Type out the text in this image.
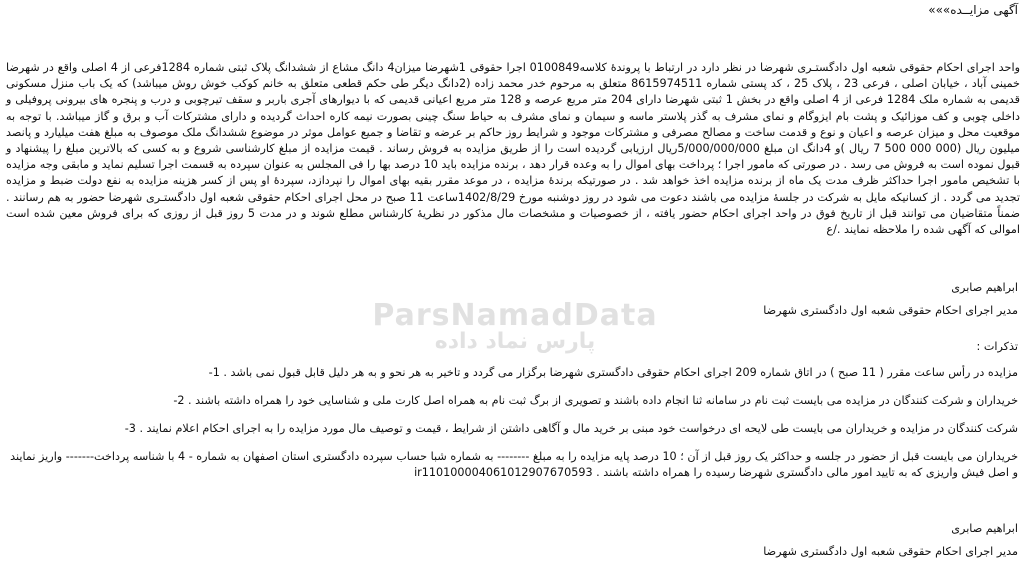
آگهی مزایــده»»»
واحد اجرای احکام حقوقی شعبه اول دادگستـری شهرضا در نظر دارد در ارتباط با پروندۀ کلاسه0100849 اجرا حقوقی 1شهرضا میزان4 دانگ مشاع از ششدانگ پلاک ثبتی شماره 1284فرعی از 4 اصلی واقع در شهرضا خمینی آباد ، خیابان اصلی ، فرعی 23 ، پلاک 25 ، کد پستی شماره 8615974511 متعلق به مرحوم خدر محمد زاده (2دانگ دیگر طی حکم قطعی متعلق به خانم کوکب خوش روش میباشد) که یک باب منزل مسکونی قدیمی به شماره ملک 1284 فرعی از 4 اصلی واقع در بخش 1 ثبتی شهرضا دارای 204 متر مربع عرصه و 128 متر مربع اعیانی قدیمی که با دیوارهای آجری باربر و سقف تیرچوبی و درب و پنجره های بیرونی پروفیلی و داخلی چوبی و کف موزائیک و پشت بام ایزوگام و نمای مشرف به گذر پلاستر ماسه و سیمان و نمای مشرف به حیاط سنگ چینی بصورت نیمه کاره احداث گردیده و دارای مشترکات آب و برق و گاز میباشد. با توجه به موقعیت محل و میزان عرصه و اعیان و نوع و قدمت ساخت و مصالح مصرفی و مشترکات موجود و شرایط روز حاکم بر عرضه و تقاضا و جمیع عوامل موثر در موضوع ششدانگ ملک موصوف به مبلغ هفت میلیارد و پانصد میلیون ریال (000 000 500 7 ریال )و 4دانگ ان مبلغ 5/000/000/000ریال ارزیابی گردیده است را از طریق مزایده به فروش رساند . قیمت مزایده از مبلغ کارشناسی شروع و به کسی که بالاترین مبلغ را پیشنهاد و قبول نموده است به فروش می رسد . در صورتی که مامور اجرا ؛ پرداخت بهای اموال را به وعده قرار دهد ، برنده مزایده باید 10 درصد بها را فی المجلس به عنوان سپرده به قسمت اجرا تسلیم نماید و مابقی وجه مزایده با تشخیص مامور اجرا حداکثر ظرف مدت یک ماه از برنده مزایده اخذ خواهد شد . در صورتیکه برندۀ مزایده ، در موعد مقرر بقیه بهای اموال را نپردازد، سپردۀ او پس از کسر هزینه مزایده به نفع دولت ضبط و مزایده تجدید می گردد . از کسانیکه مایل به شرکت در جلسۀ مزایده می باشند دعوت می شود در روز دوشنبه مورخ 1402/8/29ساعت 11 صبح در محل اجرای احکام حقوقی شعبه اول دادگستـری شهرضا حضور به هم رسانند . ضمناً متقاضیان می توانند قبل از تاریخ فوق در واحد اجرای احکام حضور یافته ، از خصوصیات و مشخصات مال مذکور در نظریۀ کارشناس مطلع شوند و در مدت 5 روز قبل از روزی که برای فروش معین شده است اموالی که آگهی شده را ملاحظه نمایند ./ع
ParsNamadData
پارس نماد داده
ابراهیم صابری
مدیر اجرای احکام حقوقی شعبه اول دادگستری شهرضا
تذکرات :
مزایده در رأس ساعت مقرر ( 11 صبح ) در اتاق شماره 209 اجرای احکام حقوقی دادگستری شهرضا برگزار می گردد و تاخیر به هر نحو و به هر دلیل قابل قبول نمی باشد . 1-
خریداران و شرکت کنندگان در مزایده می بایست ثبت نام در سامانه ثنا انجام داده باشند و تصویری از برگ ثبت نام به همراه اصل کارت ملی و شناسایی خود را همراه داشته باشند . 2-
شرکت کنندگان در مزایده و خریداران می بایست طی لایحه ای درخواست خود مبنی بر خرید مال و آگاهی داشتن از شرایط ، قیمت و توصیف مال مورد مزایده را به اجرای احکام اعلام نمایند . 3-
خریداران می بایست قبل از حضور در جلسه و حداکثر یک روز قبل از آن ؛ 10 درصد پایه مزایده را به مبلغ -------- به شماره شبا حساب سپرده دادگستری استان اصفهان به شماره - 4 با شناسه پرداخت------- واریز نمایند و اصل فیش واریزی که به تایید امور مالی دادگستری شهرضا رسیده را همراه داشته باشند . ir110100004061012907670593
ابراهیم صابری
مدیر اجرای احکام حقوقی شعبه اول دادگستری شهرضا
